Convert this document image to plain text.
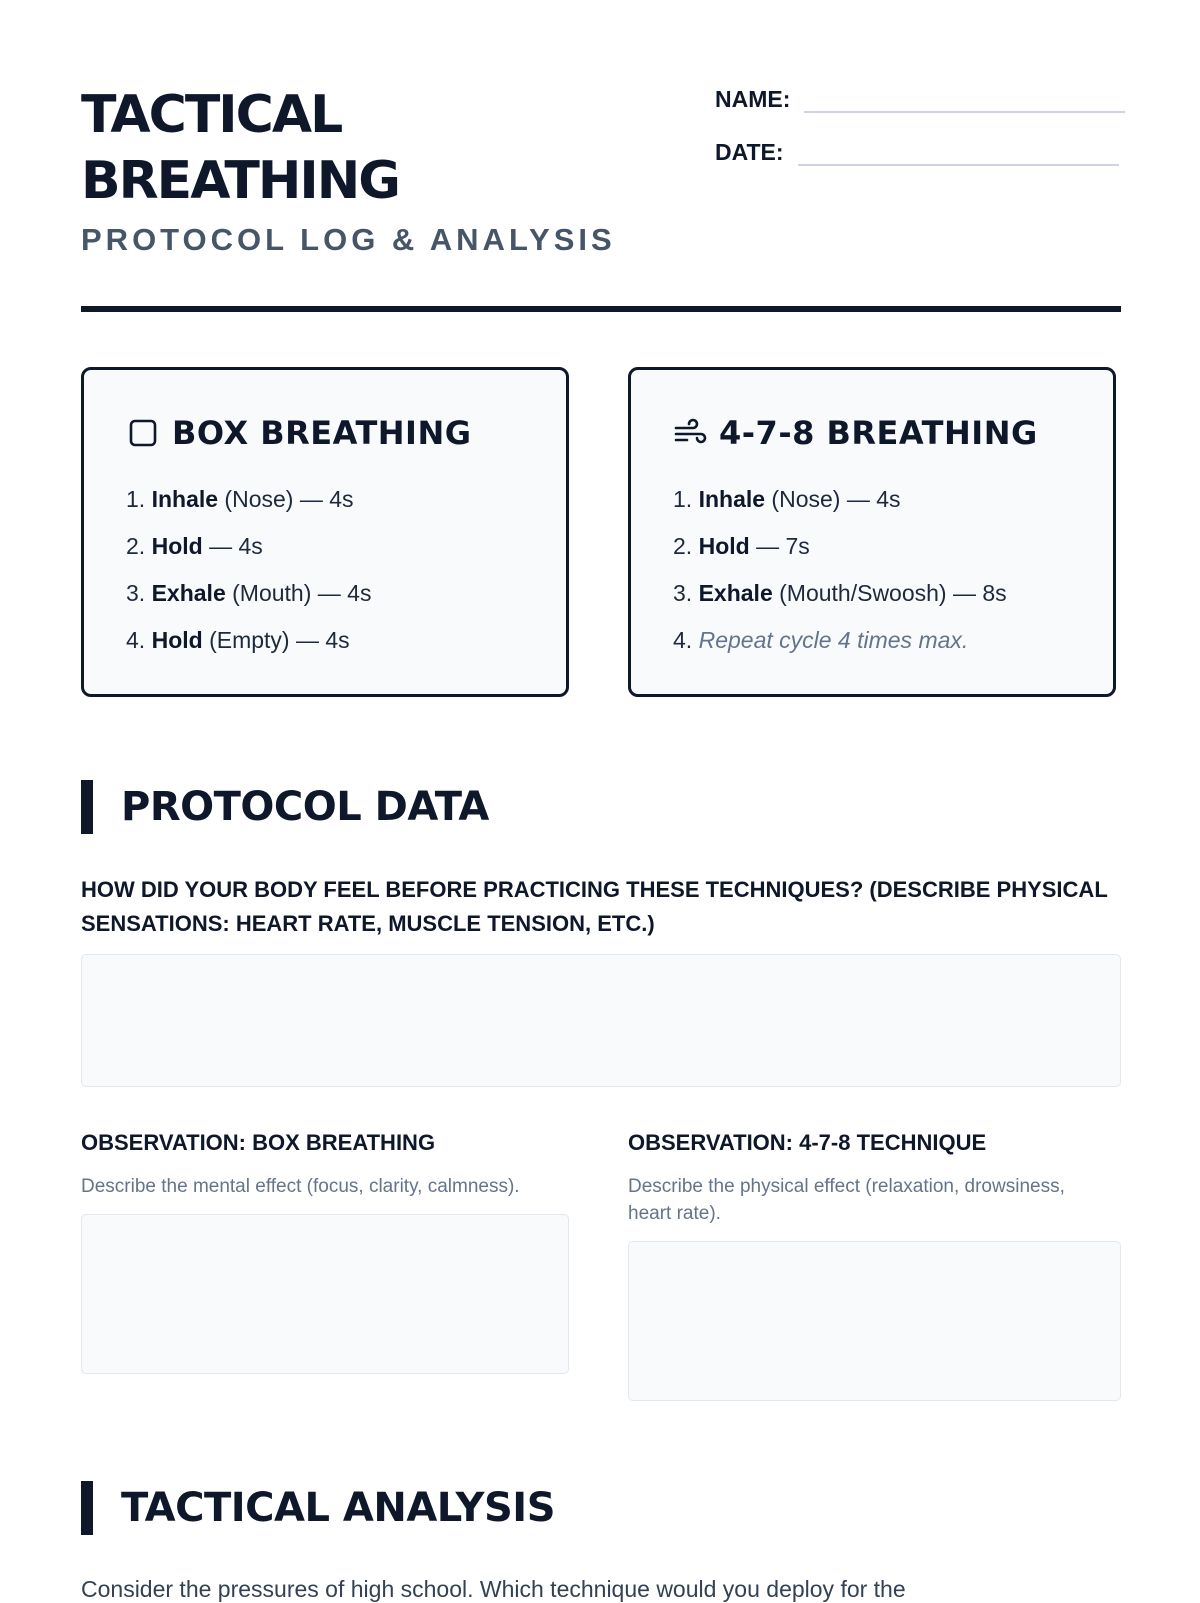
TACTICAL
BREATHING
PROTOCOL LOG & ANALYSIS
NAME:
DATE:
BOX BREATHING
1. Inhale (Nose) — 4s
2. Hold — 4s
3. Exhale (Mouth) — 4s
4. Hold (Empty) — 4s
4-7-8 BREATHING
1. Inhale (Nose) — 4s
2. Hold — 7s
3. Exhale (Mouth/Swoosh) — 8s
4. Repeat cycle 4 times max.
PROTOCOL DATA
HOW DID YOUR BODY FEEL BEFORE PRACTICING THESE TECHNIQUES? (DESCRIBE PHYSICAL SENSATIONS: HEART RATE, MUSCLE TENSION, ETC.)
OBSERVATION: BOX BREATHING
Describe the mental effect (focus, clarity, calmness).
OBSERVATION: 4-7-8 TECHNIQUE
Describe the physical effect (relaxation, drowsiness, heart rate).
TACTICAL ANALYSIS
Consider the pressures of high school. Which technique would you deploy for the
